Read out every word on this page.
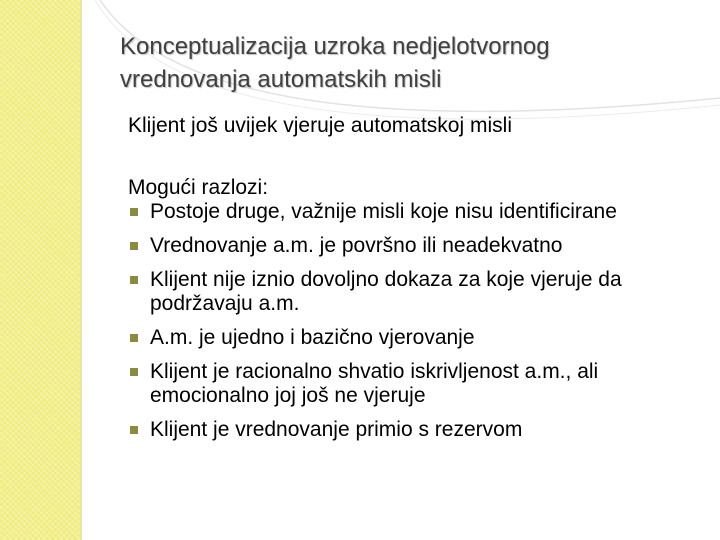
Konceptualizacija uzroka nedjelotvornog
vrednovanja automatskih misli

Klijent još uvijek vjeruje automatskoj misli

Mogući razlozi:

Postoje druge, važnije misli koje nisu identificirane
Vrednovanje a.m. je površno ili neadekvatno
Klijent nije iznio dovoljno dokaza za koje vjeruje da podržavaju a.m.
A.m. je ujedno i bazično vjerovanje
Klijent je racionalno shvatio iskrivljenost a.m., ali emocionalno joj još ne vjeruje
Klijent je vrednovanje primio s rezervom
